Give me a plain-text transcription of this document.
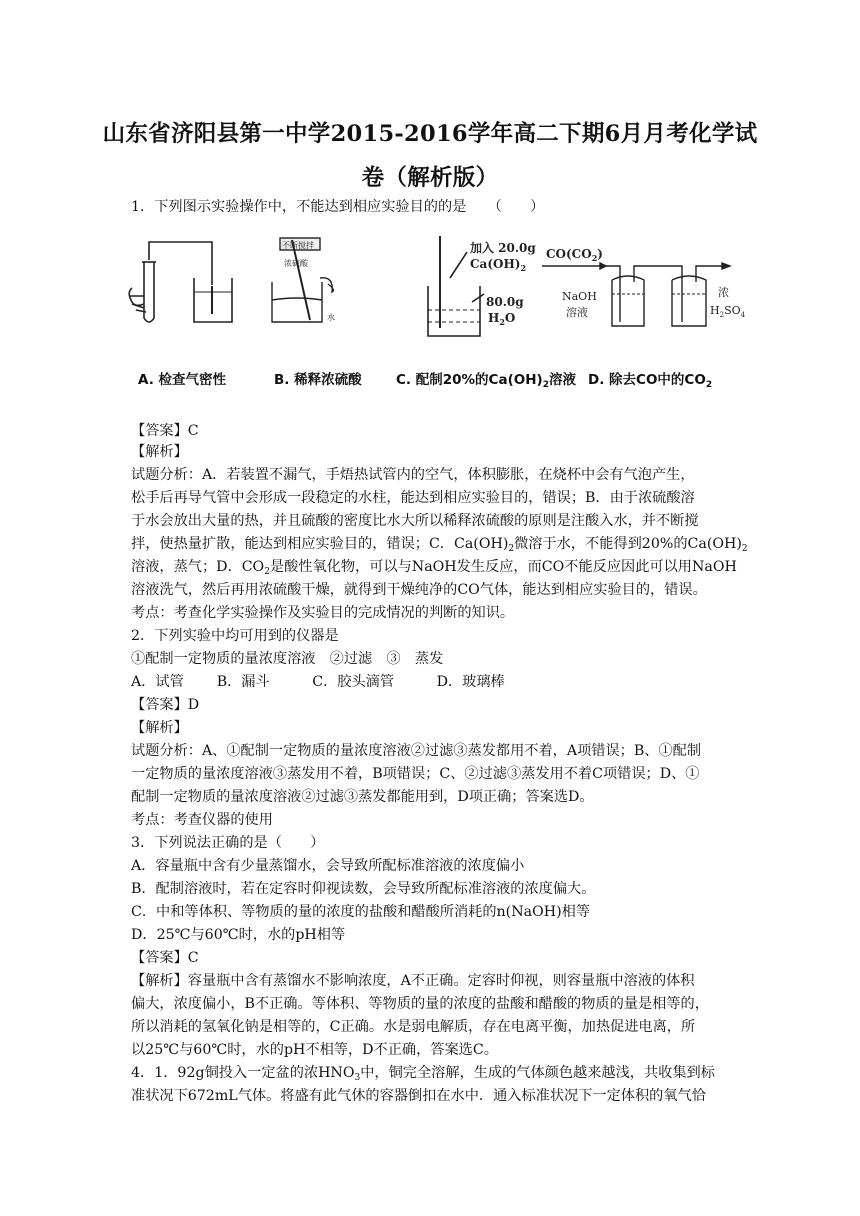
山东省济阳县第一中学2015-2016学年高二下期6月月考化学试
卷（解析版）
1．下列图示实验操作中，不能达到相应实验目的的是　　（　　）
不断搅拌
浓硫酸
水
加入 20.0g
$Ca(OH)_2$
80.0g
$H_2O$
$CO(CO_2)$
NaOH
溶液
浓
$H_2SO_4$
A. 检查气密性	B. 稀释浓硫酸	C. 配制20%的$Ca(OH)_2$溶液 D. 除去CO中的$CO_2$
【答案】C
【解析】
试题分析：A．若装置不漏气，手焐热试管内的空气，体积膨胀，在烧杯中会有气泡产生，
松手后再导气管中会形成一段稳定的水柱，能达到相应实验目的，错误；B．由于浓硫酸溶
于水会放出大量的热，并且硫酸的密度比水大所以稀释浓硫酸的原则是注酸入水，并不断搅
拌，使热量扩散，能达到相应实验目的，错误；C．$Ca(OH)_2$微溶于水，不能得到20%的$Ca(OH)_2$
溶液，蒸气；D．$CO_2$是酸性氧化物，可以与NaOH发生反应，而CO不能反应因此可以用NaOH
溶液洗气，然后再用浓硫酸干燥，就得到干燥纯净的CO气体，能达到相应实验目的，错误。
考点：考查化学实验操作及实验目的完成情况的判断的知识。
2．下列实验中均可用到的仪器是
①配制一定物质的量浓度溶液　②过滤　③　蒸发
A．试管　　 B．漏斗　　　C．胶头滴管　　　D．玻璃棒
【答案】D
【解析】
试题分析：A、①配制一定物质的量浓度溶液②过滤③蒸发都用不着，A项错误；B、①配制
一定物质的量浓度溶液③蒸发用不着，B项错误；C、②过滤③蒸发用不着C项错误；D、①
配制一定物质的量浓度溶液②过滤③蒸发都能用到，D项正确；答案选D。
考点：考查仪器的使用
3．下列说法正确的是（　　）
A．容量瓶中含有少量蒸馏水，会导致所配标准溶液的浓度偏小
B．配制溶液时，若在定容时仰视读数，会导致所配标准溶液的浓度偏大。
C．中和等体积、等物质的量的浓度的盐酸和醋酸所消耗的n(NaOH)相等
D．25℃与60℃时，水的pH相等
【答案】C
【解析】容量瓶中含有蒸馏水不影响浓度，A不正确。定容时仰视，则容量瓶中溶液的体积
偏大，浓度偏小，B不正确。等体积、等物质的量的浓度的盐酸和醋酸的物质的量是相等的，
所以消耗的氢氧化钠是相等的，C正确。水是弱电解质，存在电离平衡，加热促进电离，所
以25℃与60℃时，水的pH不相等，D不正确，答案选C。
4．1．92g铜投入一定盆的浓$HNO_3$中，铜完全溶解，生成的气体颜色越来越浅，共收集到标
准状况下672mL气体。将盛有此气休的容器倒扣在水中．通入标准状况下一定体积的氧气恰
